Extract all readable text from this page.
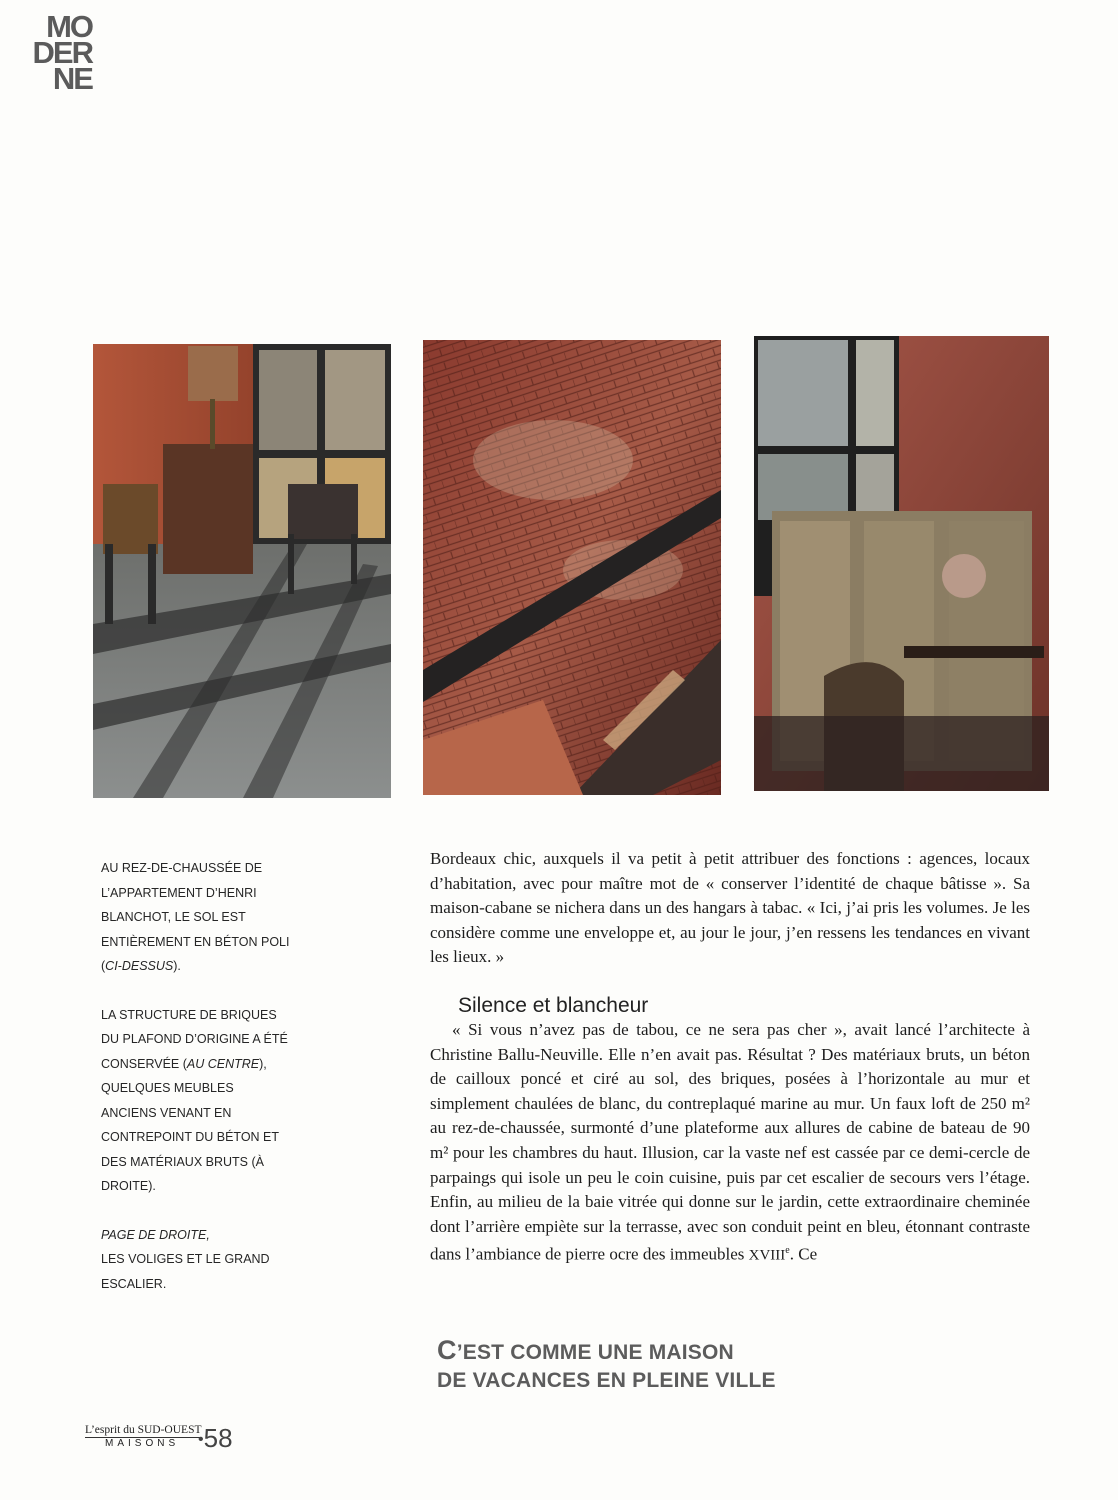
MO
DER
NE

AU REZ-DE-CHAUSSÉE DE L’APPARTEMENT D’HENRI BLANCHOT, LE SOL EST ENTIÈREMENT EN BÉTON POLI (CI-DESSUS).

LA STRUCTURE DE BRIQUES DU PLAFOND D’ORIGINE A ÉTÉ CONSERVÉE (AU CENTRE), QUELQUES MEUBLES ANCIENS VENANT EN CONTREPOINT DU BÉTON ET DES MATÉRIAUX BRUTS (À DROITE).

PAGE DE DROITE,
LES VOLIGES ET LE GRAND ESCALIER.

Bordeaux chic, auxquels il va petit à petit attribuer des fonctions : agences, locaux d’habitation, avec pour maître mot de « conserver l’identité de chaque bâtisse ». Sa maison-cabane se nichera dans un des hangars à tabac. « Ici, j’ai pris les volumes. Je les considère comme une enveloppe et, au jour le jour, j’en ressens les tendances en vivant les lieux. »

Silence et blancheur

« Si vous n’avez pas de tabou, ce ne sera pas cher », avait lancé l’architecte à Christine Ballu-Neuville. Elle n’en avait pas. Résultat ? Des matériaux bruts, un béton de cailloux poncé et ciré au sol, des briques, posées à l’horizontale au mur et simplement chaulées de blanc, du contreplaqué marine au mur. Un faux loft de 250 m² au rez-de-chaussée, surmonté d’une plateforme aux allures de cabine de bateau de 90 m² pour les chambres du haut. Illusion, car la vaste nef est cassée par ce demi-cercle de parpaings qui isole un peu le coin cuisine, puis par cet escalier de secours vers l’étage. Enfin, au milieu de la baie vitrée qui donne sur le jardin, cette extraordinaire cheminée dont l’arrière empiète sur la terrasse, avec son conduit peint en bleu, étonnant contraste dans l’ambiance de pierre ocre des immeubles XVIIIe. Ce

C’EST COMME UNE MAISON
DE VACANCES EN PLEINE VILLE
L’esprit du SUD-OUEST
MAISONS •58
